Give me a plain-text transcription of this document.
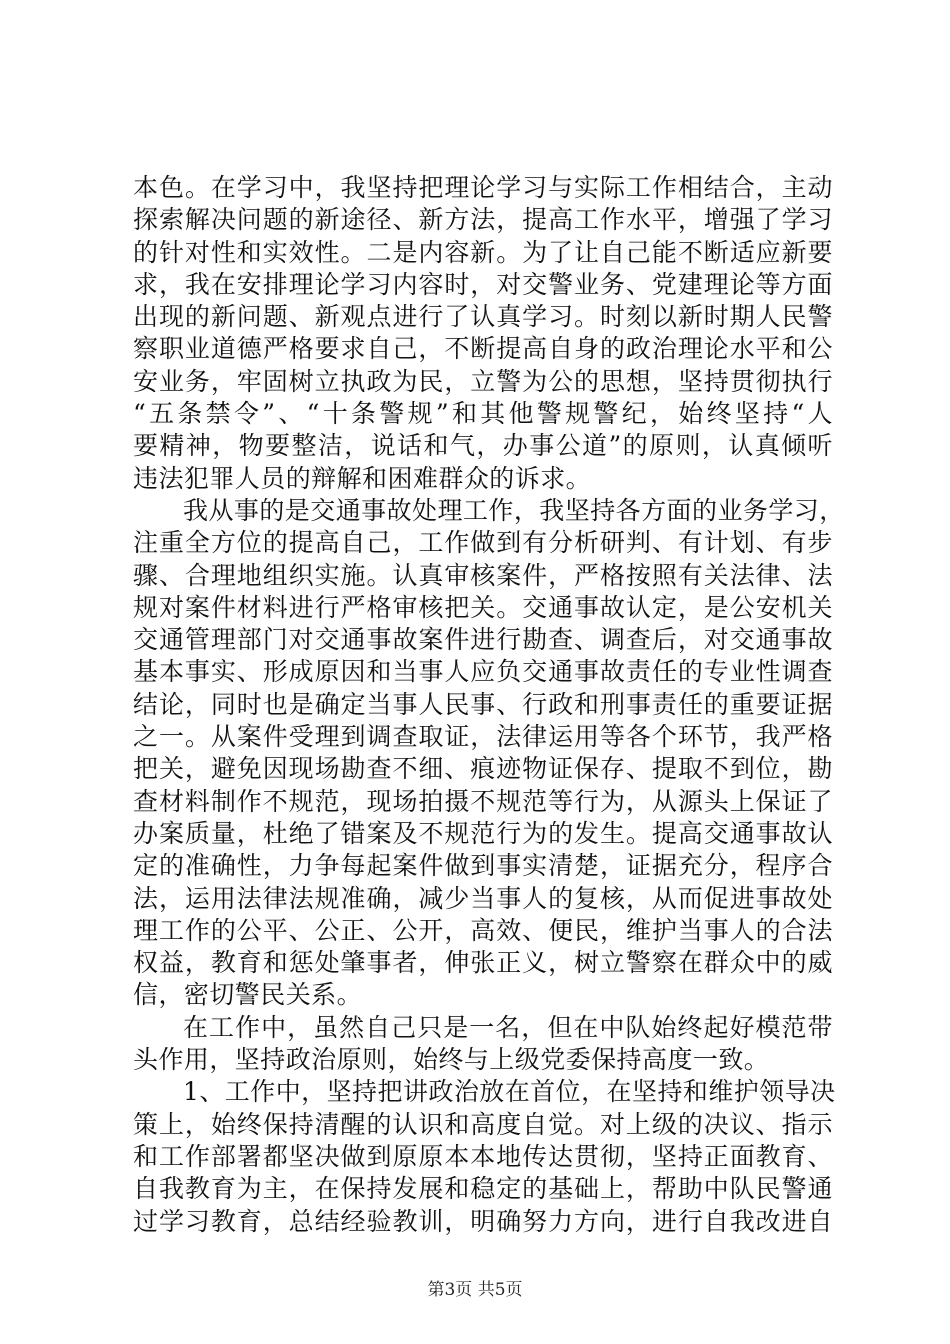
本色。在学习中，我坚持把理论学习与实际工作相结合，主动
探索解决问题的新途径、新方法，提高工作水平，增强了学习
的针对性和实效性。二是内容新。为了让自己能不断适应新要
求，我在安排理论学习内容时，对交警业务、党建理论等方面
出现的新问题、新观点进行了认真学习。时刻以新时期人民警
察职业道德严格要求自己，不断提高自身的政治理论水平和公
安业务，牢固树立执政为民，立警为公的思想，坚持贯彻执行
“五条禁令”、“十条警规”和其他警规警纪，始终坚持“人
要精神，物要整洁，说话和气，办事公道”的原则，认真倾听
违法犯罪人员的辩解和困难群众的诉求。
我从事的是交通事故处理工作，我坚持各方面的业务学习，
注重全方位的提高自己，工作做到有分析研判、有计划、有步
骤、合理地组织实施。认真审核案件，严格按照有关法律、法
规对案件材料进行严格审核把关。交通事故认定，是公安机关
交通管理部门对交通事故案件进行勘查、调查后，对交通事故
基本事实、形成原因和当事人应负交通事故责任的专业性调查
结论，同时也是确定当事人民事、行政和刑事责任的重要证据
之一。从案件受理到调查取证，法律运用等各个环节，我严格
把关，避免因现场勘查不细、痕迹物证保存、提取不到位，勘
查材料制作不规范，现场拍摄不规范等行为，从源头上保证了
办案质量，杜绝了错案及不规范行为的发生。提高交通事故认
定的准确性，力争每起案件做到事实清楚，证据充分，程序合
法，运用法律法规准确，减少当事人的复核，从而促进事故处
理工作的公平、公正、公开，高效、便民，维护当事人的合法
权益，教育和惩处肇事者，伸张正义，树立警察在群众中的威
信，密切警民关系。
在工作中，虽然自己只是一名，但在中队始终起好模范带
头作用，坚持政治原则，始终与上级党委保持高度一致。
1、工作中，坚持把讲政治放在首位，在坚持和维护领导决
策上，始终保持清醒的认识和高度自觉。对上级的决议、指示
和工作部署都坚决做到原原本本地传达贯彻，坚持正面教育、
自我教育为主，在保持发展和稳定的基础上，帮助中队民警通
过学习教育，总结经验教训，明确努力方向，进行自我改进自
第3页 共5页
